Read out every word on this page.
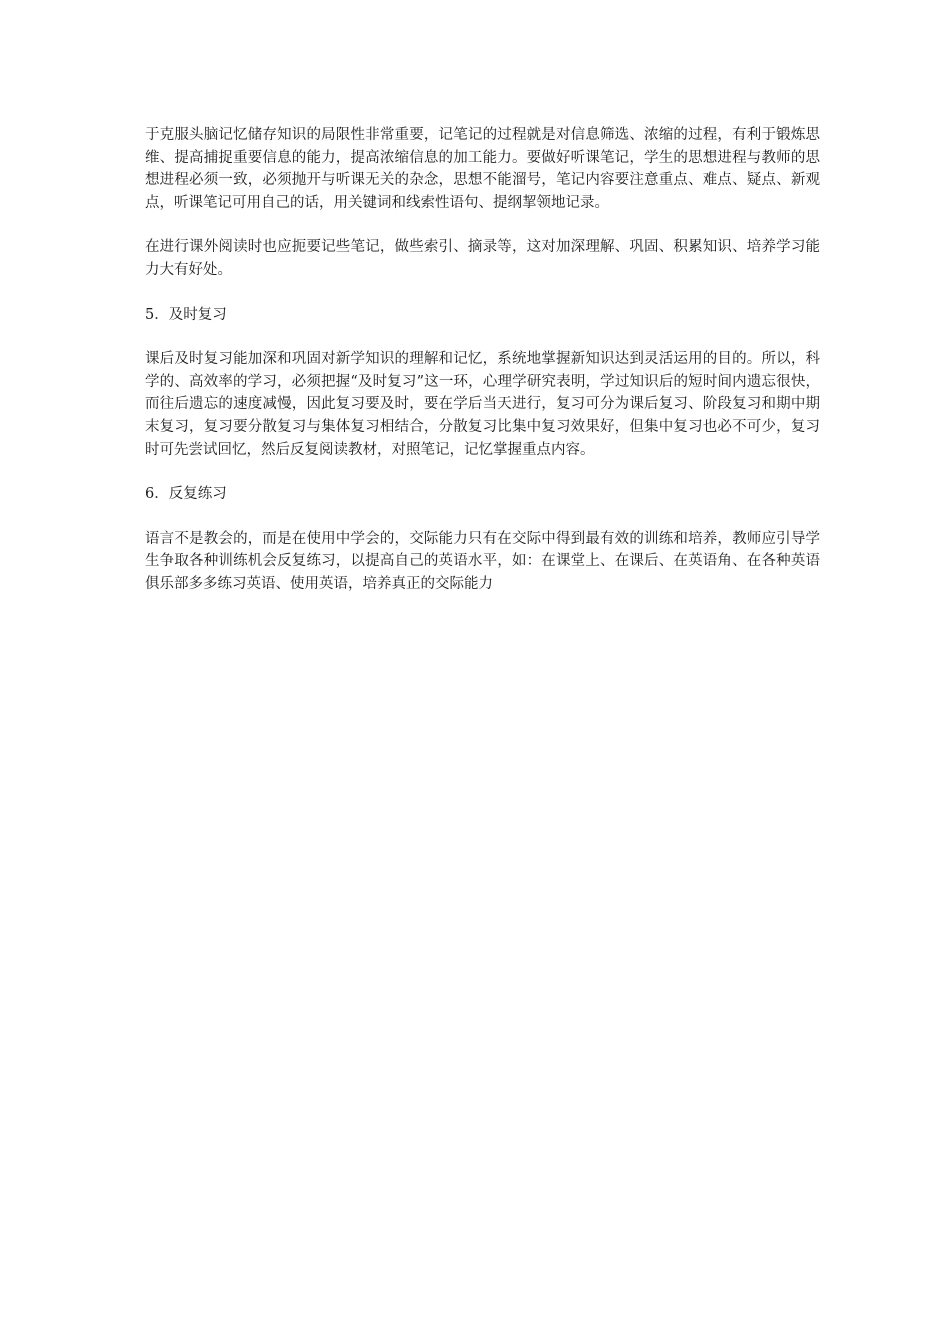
于克服头脑记忆储存知识的局限性非常重要，记笔记的过程就是对信息筛选、浓缩的过程，有利于锻炼思维、提高捕捉重要信息的能力，提高浓缩信息的加工能力。要做好听课笔记，学生的思想进程与教师的思想进程必须一致，必须抛开与听课无关的杂念，思想不能溜号，笔记内容要注意重点、难点、疑点、新观点，听课笔记可用自己的话，用关键词和线索性语句、提纲挈领地记录。

在进行课外阅读时也应扼要记些笔记，做些索引、摘录等，这对加深理解、巩固、积累知识、培养学习能力大有好处。

5．及时复习

课后及时复习能加深和巩固对新学知识的理解和记忆，系统地掌握新知识达到灵活运用的目的。所以，科学的、高效率的学习，必须把握“及时复习”这一环，心理学研究表明，学过知识后的短时间内遗忘很快，而往后遗忘的速度减慢，因此复习要及时，要在学后当天进行，复习可分为课后复习、阶段复习和期中期末复习，复习要分散复习与集体复习相结合，分散复习比集中复习效果好，但集中复习也必不可少，复习时可先尝试回忆，然后反复阅读教材，对照笔记，记忆掌握重点内容。

6．反复练习

语言不是教会的，而是在使用中学会的，交际能力只有在交际中得到最有效的训练和培养，教师应引导学生争取各种训练机会反复练习，以提高自己的英语水平，如：在课堂上、在课后、在英语角、在各种英语俱乐部多多练习英语、使用英语，培养真正的交际能力
